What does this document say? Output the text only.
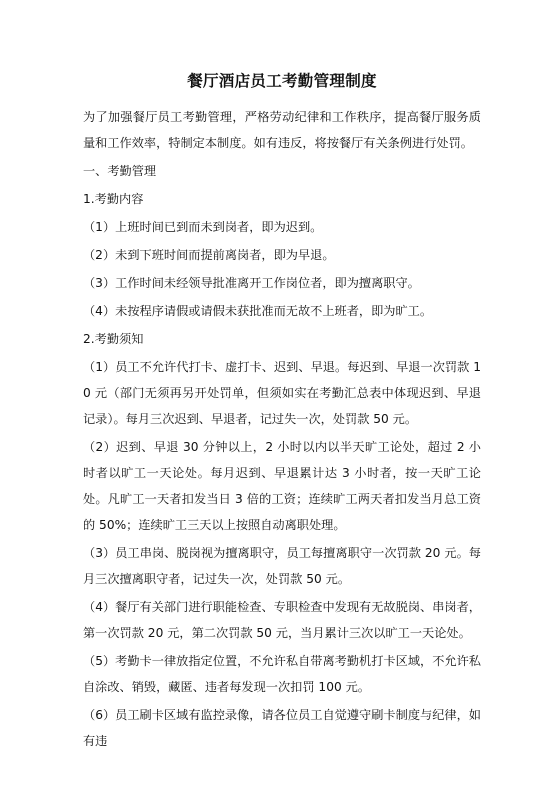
餐厅酒店员工考勤管理制度
为了加强餐厅员工考勤管理，严格劳动纪律和工作秩序，提高餐厅服务质量和工作效率，特制定本制度。如有违反，将按餐厅有关条例进行处罚。
一、考勤管理
1.考勤内容
（1）上班时间已到而未到岗者，即为迟到。
（2）未到下班时间而提前离岗者，即为早退。
（3）工作时间未经领导批准离开工作岗位者，即为擅离职守。
（4）未按程序请假或请假未获批准而无故不上班者，即为旷工。
2.考勤须知
（1）员工不允许代打卡、虚打卡、迟到、早退。每迟到、早退一次罚款 10 元（部门无须再另开处罚单，但须如实在考勤汇总表中体现迟到、早退记录）。每月三次迟到、早退者，记过失一次，处罚款 50 元。
（2）迟到、早退 30 分钟以上，2 小时以内以半天旷工论处，超过 2 小时者以旷工一天论处。每月迟到、早退累计达 3 小时者，按一天旷工论处。凡旷工一天者扣发当日 3 倍的工资；连续旷工两天者扣发当月总工资的 50%；连续旷工三天以上按照自动离职处理。
（3）员工串岗、脱岗视为擅离职守，员工每擅离职守一次罚款 20 元。每月三次擅离职守者，记过失一次，处罚款 50 元。
（4）餐厅有关部门进行职能检查、专职检查中发现有无故脱岗、串岗者，第一次罚款 20 元，第二次罚款 50 元，当月累计三次以旷工一天论处。
（5）考勤卡一律放指定位置，不允许私自带离考勤机打卡区域，不允许私自涂改、销毁，藏匿、违者每发现一次扣罚 100 元。
（6）员工刷卡区域有监控录像，请各位员工自觉遵守刷卡制度与纪律，如有违
